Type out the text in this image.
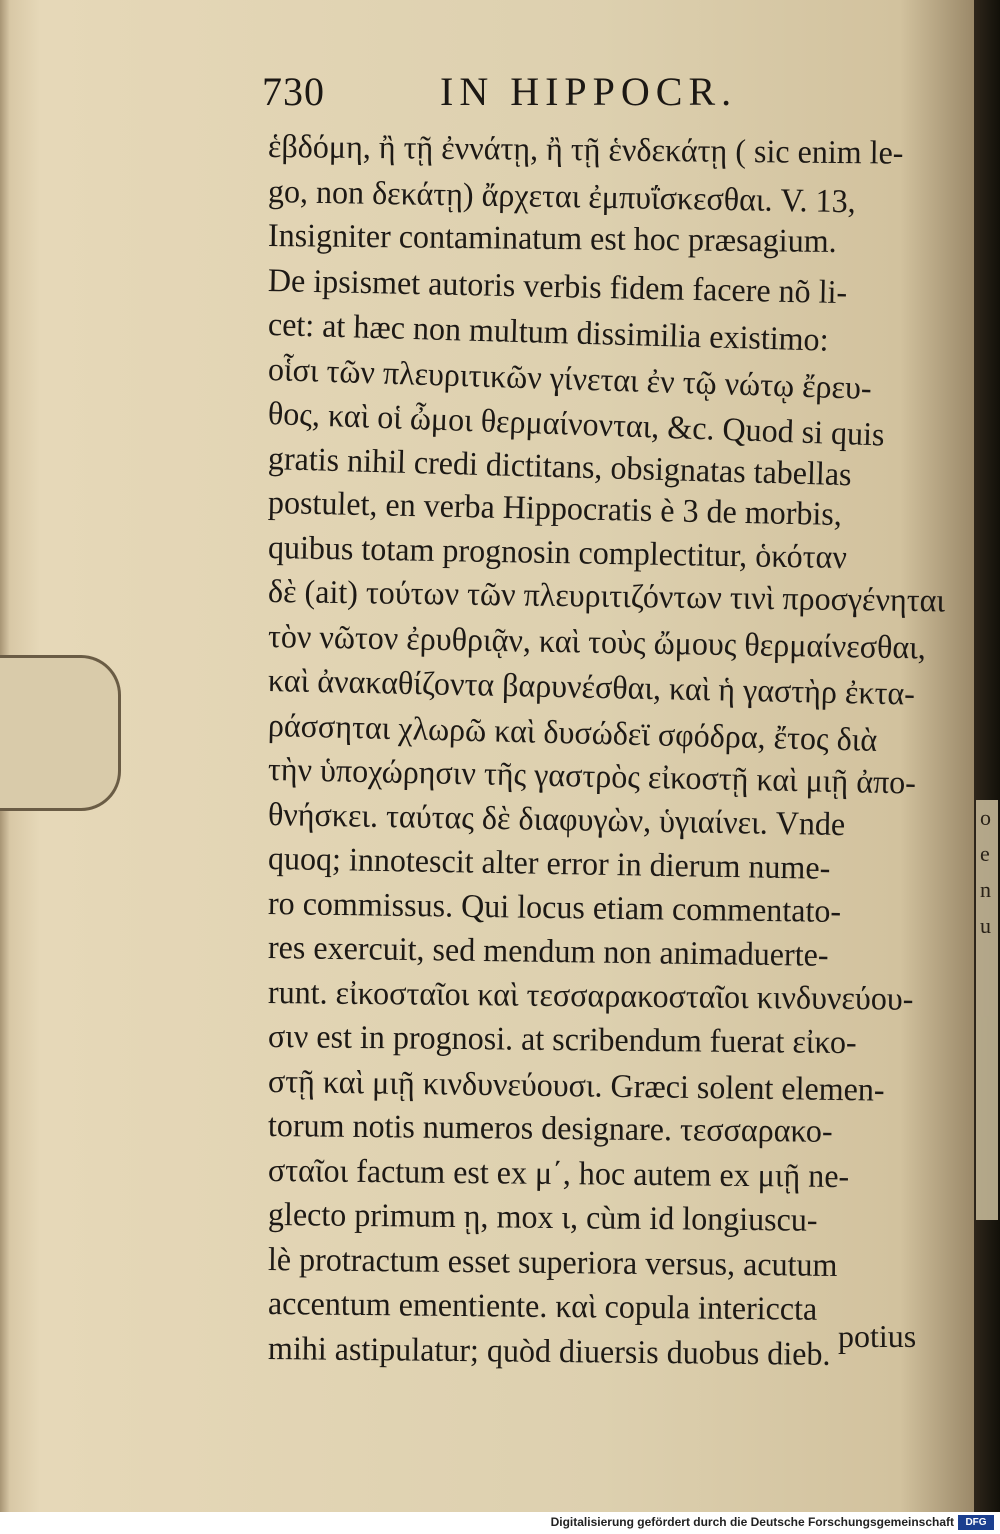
o
e
n
u
730	IN HIPPOCR.
ἑβδόμη, ἢ τῇ ἐννάτῃ, ἢ τῇ ἑνδεκάτῃ ( sic enim le-
go, non δεκάτῃ) ἄρχεται ἐμπυΐσκεσθαι. V. 13,
Insigniter contaminatum est hoc præsagium.
De ipsismet autoris verbis fidem facere nõ li-
cet: at hæc non multum dissimilia existimo:
οἷσι τῶν πλευριτικῶν γίνεται ἐν τῷ νώτῳ ἔρευ-
θος, καὶ οἱ ὦμοι θερμαίνονται, &c. Quod si quis
gratis nihil credi dictitans, obsignatas tabellas
postulet, en verba Hippocratis è 3 de morbis,
quibus totam prognosin complectitur, ὁκόταν
δὲ (ait) τούτων τῶν πλευριτιζόντων τινὶ προσγένηται
τὸν νῶτον ἐρυθριᾷν, καὶ τοὺς ὤμους θερμαίνεσθαι,
καὶ ἀνακαθίζοντα βαρυνέσθαι, καὶ ἡ γαστὴρ ἐκτα-
ράσσηται χλωρῶ καὶ δυσώδεϊ σφόδρα, ἔτος διὰ
τὴν ὑποχώρησιν τῆς γαστρὸς εἰκοστῇ καὶ μιῇ ἀπο-
θνήσκει. ταύτας δὲ διαφυγὼν, ὑγιαίνει. Vnde
quoq; innotescit alter error in dierum nume-
ro commissus. Qui locus etiam commentato-
res exercuit, sed mendum non animaduerte-
runt. εἰκοσταῖοι καὶ τεσσαρακοσταῖοι κινδυνεύου-
σιν est in prognosi. at scribendum fuerat εἰκο-
στῇ καὶ μιῇ κινδυνεύουσι. Græci solent elemen-
torum notis numeros designare. τεσσαρακο-
σταῖοι factum est ex μ΄, hoc autem ex μιῇ ne-
glecto primum ῃ, mox ι, cùm id longiuscu-
lè protractum esset superiora versus, acutum
accentum ementiente. καὶ copula intericcta
mihi astipulatur; quòd diuersis duobus dieb. potius
Digitalisierung gefördert durch die Deutsche Forschungsgemeinschaft	DFG
